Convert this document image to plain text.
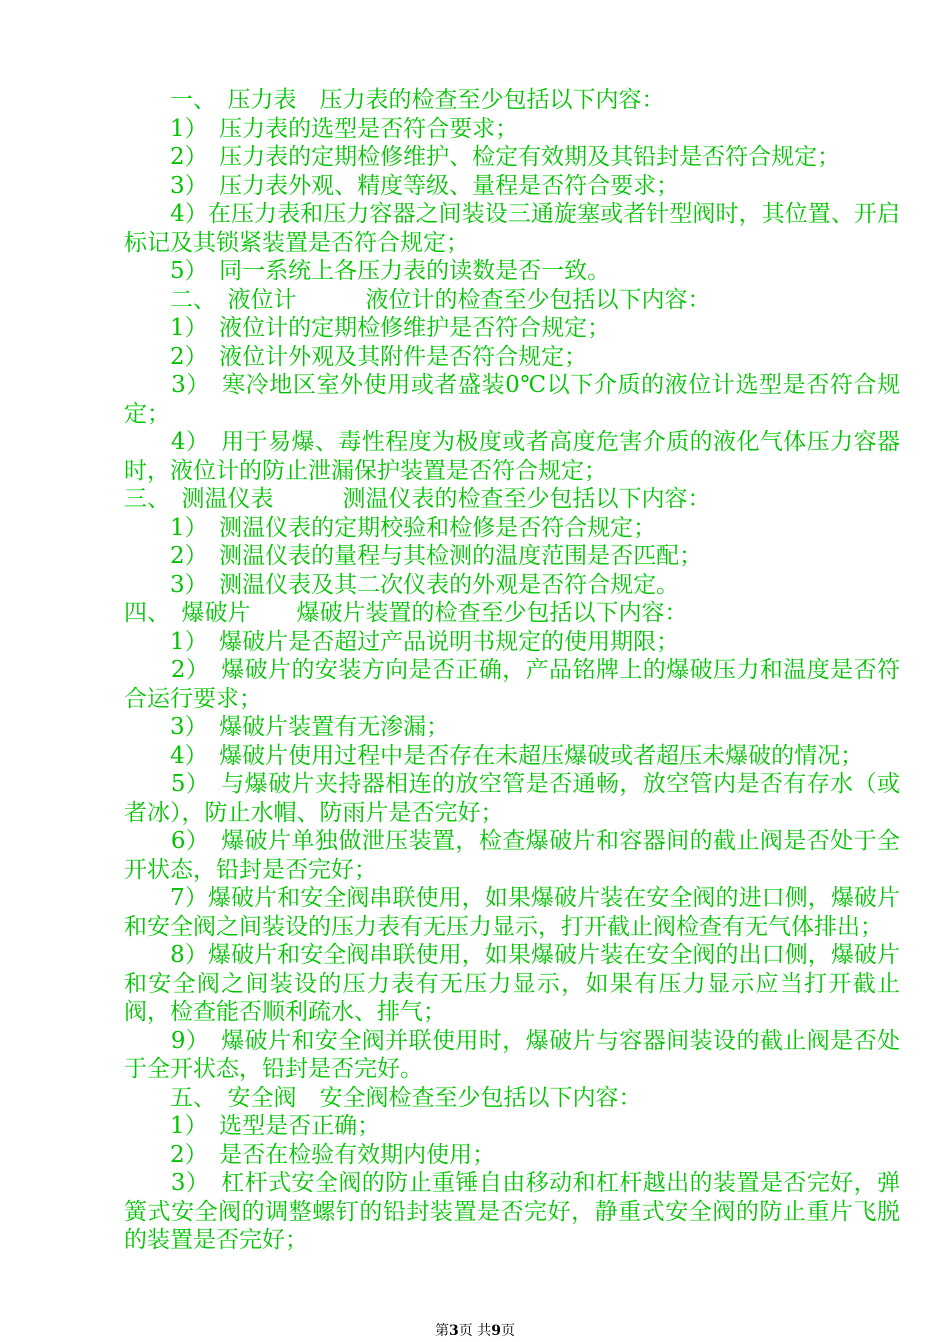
　　一、　压力表　压力表的检查至少包括以下内容：

　　1）　压力表的选型是否符合要求；

　　2）　压力表的定期检修维护、检定有效期及其铅封是否符合规定；

　　3）　压力表外观、精度等级、量程是否符合要求；

　　4）在压力表和压力容器之间装设三通旋塞或者针型阀时，其位置、开启标记及其锁紧装置是否符合规定；

　　5）　同一系统上各压力表的读数是否一致。

　　二、　液位计　　　液位计的检查至少包括以下内容：

　　1）　液位计的定期检修维护是否符合规定；

　　2）　液位计外观及其附件是否符合规定；

　　3）　寒冷地区室外使用或者盛装0℃以下介质的液位计选型是否符合规定；

　　4）　用于易爆、毒性程度为极度或者高度危害介质的液化气体压力容器时，液位计的防止泄漏保护装置是否符合规定；

三、　测温仪表　　　测温仪表的检查至少包括以下内容：

　　1）　测温仪表的定期校验和检修是否符合规定；

　　2）　测温仪表的量程与其检测的温度范围是否匹配；

　　3）　测温仪表及其二次仪表的外观是否符合规定。

四、　爆破片　　爆破片装置的检查至少包括以下内容：

　　1）　爆破片是否超过产品说明书规定的使用期限；

　　2）　爆破片的安装方向是否正确，产品铭牌上的爆破压力和温度是否符合运行要求；

　　3）　爆破片装置有无渗漏；

　　4）　爆破片使用过程中是否存在未超压爆破或者超压未爆破的情况；

　　5）　与爆破片夹持器相连的放空管是否通畅，放空管内是否有存水（或者冰），防止水帽、防雨片是否完好；

　　6）　爆破片单独做泄压装置，检查爆破片和容器间的截止阀是否处于全开状态，铅封是否完好；

　　7）爆破片和安全阀串联使用，如果爆破片装在安全阀的进口侧，爆破片和安全阀之间装设的压力表有无压力显示，打开截止阀检查有无气体排出；

　　8）爆破片和安全阀串联使用，如果爆破片装在安全阀的出口侧，爆破片和安全阀之间装设的压力表有无压力显示，如果有压力显示应当打开截止阀，检查能否顺利疏水、排气；

　　9）　爆破片和安全阀并联使用时，爆破片与容器间装设的截止阀是否处于全开状态，铅封是否完好。

　　五、　安全阀　安全阀检查至少包括以下内容：

　　1）　选型是否正确；

　　2）　是否在检验有效期内使用；

　　3）　杠杆式安全阀的防止重锤自由移动和杠杆越出的装置是否完好，弹簧式安全阀的调整螺钉的铅封装置是否完好，静重式安全阀的防止重片飞脱的装置是否完好；

第3页 共9页
